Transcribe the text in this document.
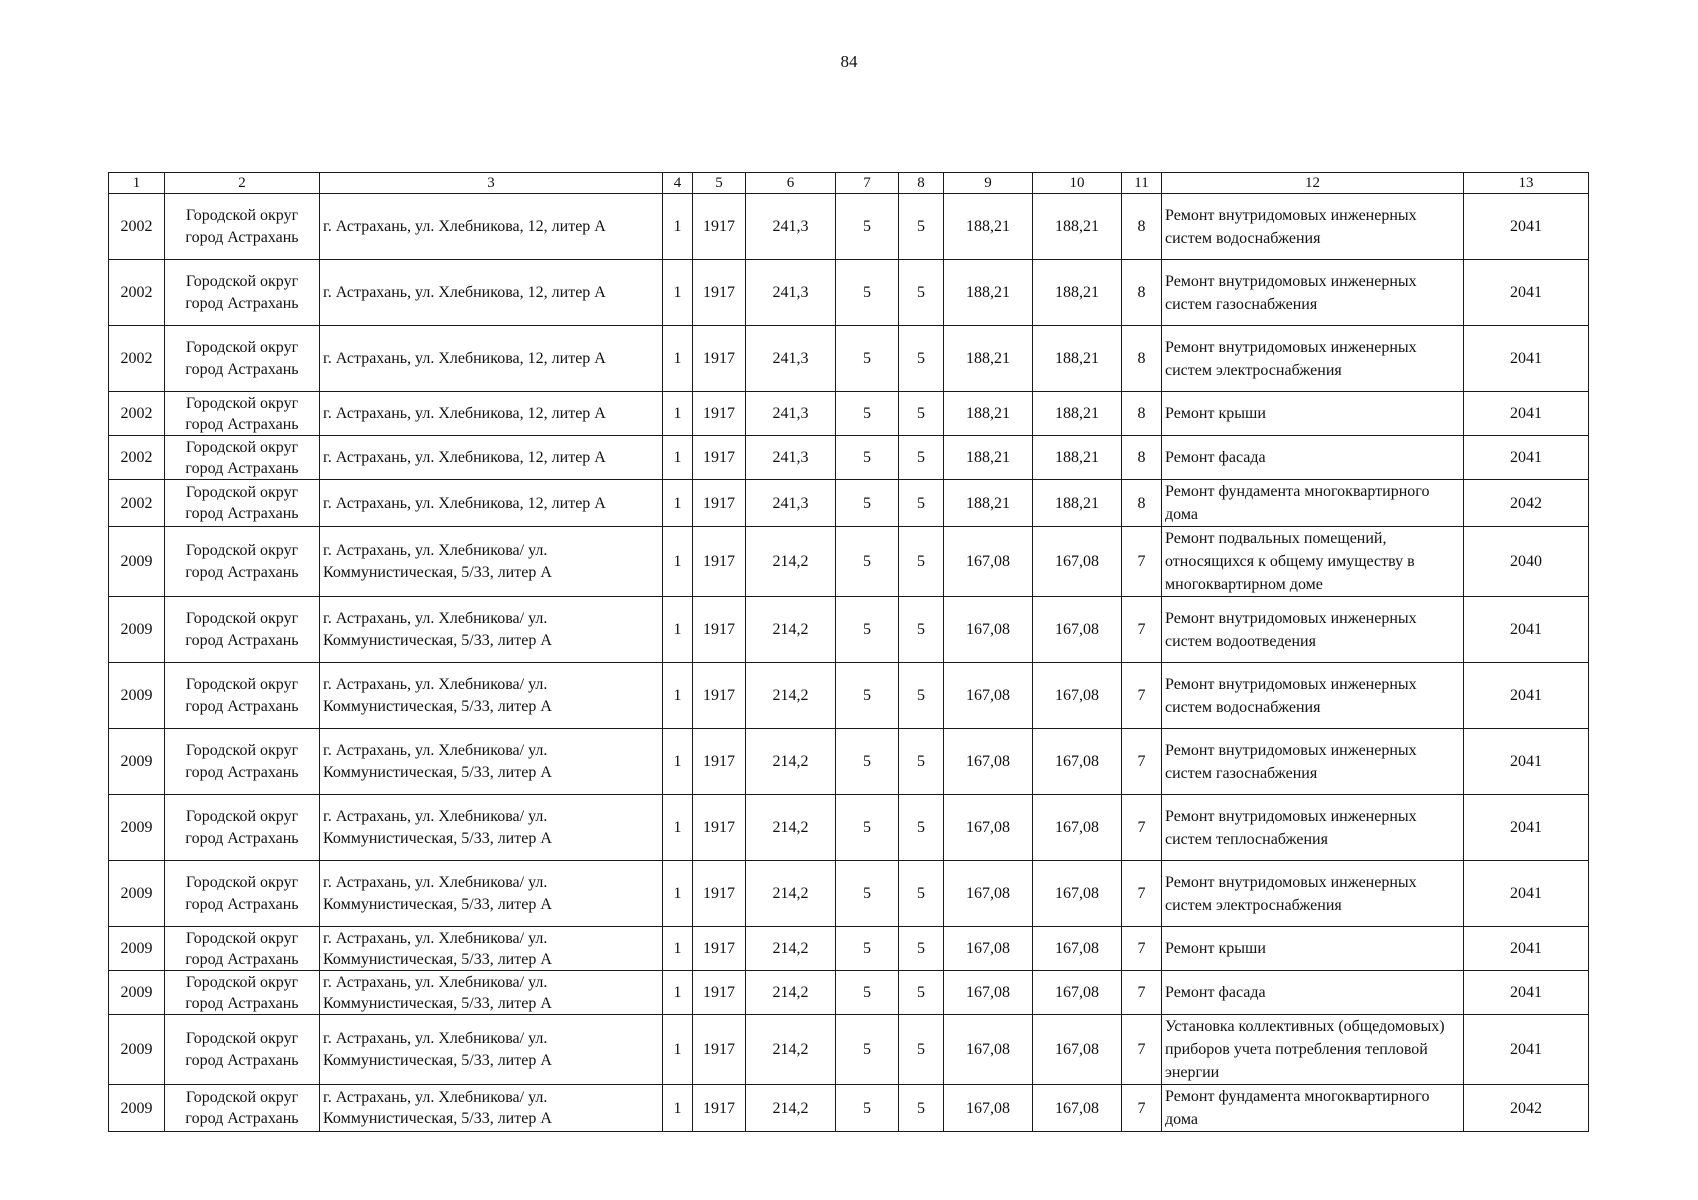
84
1	2	3	4	5	6	7	8	9	10	11	12	13
2002	Городской округ город Астрахань	г. Астрахань, ул. Хлебникова, 12, литер А	1	1917	241,3	5	5	188,21	188,21	8	Ремонт внутридомовых инженерных систем водоснабжения	2041
2002	Городской округ город Астрахань	г. Астрахань, ул. Хлебникова, 12, литер А	1	1917	241,3	5	5	188,21	188,21	8	Ремонт внутридомовых инженерных систем газоснабжения	2041
2002	Городской округ город Астрахань	г. Астрахань, ул. Хлебникова, 12, литер А	1	1917	241,3	5	5	188,21	188,21	8	Ремонт внутридомовых инженерных систем электроснабжения	2041
2002	Городской округ город Астрахань	г. Астрахань, ул. Хлебникова, 12, литер А	1	1917	241,3	5	5	188,21	188,21	8	Ремонт крыши	2041
2002	Городской округ город Астрахань	г. Астрахань, ул. Хлебникова, 12, литер А	1	1917	241,3	5	5	188,21	188,21	8	Ремонт фасада	2041
2002	Городской округ город Астрахань	г. Астрахань, ул. Хлебникова, 12, литер А	1	1917	241,3	5	5	188,21	188,21	8	Ремонт фундамента многоквартирного дома	2042
2009	Городской округ город Астрахань	г. Астрахань, ул. Хлебникова/ ул. Коммунистическая, 5/33, литер А	1	1917	214,2	5	5	167,08	167,08	7	Ремонт подвальных помещений, относящихся к общему имуществу в многоквартирном доме	2040
2009	Городской округ город Астрахань	г. Астрахань, ул. Хлебникова/ ул. Коммунистическая, 5/33, литер А	1	1917	214,2	5	5	167,08	167,08	7	Ремонт внутридомовых инженерных систем водоотведения	2041
2009	Городской округ город Астрахань	г. Астрахань, ул. Хлебникова/ ул. Коммунистическая, 5/33, литер А	1	1917	214,2	5	5	167,08	167,08	7	Ремонт внутридомовых инженерных систем водоснабжения	2041
2009	Городской округ город Астрахань	г. Астрахань, ул. Хлебникова/ ул. Коммунистическая, 5/33, литер А	1	1917	214,2	5	5	167,08	167,08	7	Ремонт внутридомовых инженерных систем газоснабжения	2041
2009	Городской округ город Астрахань	г. Астрахань, ул. Хлебникова/ ул. Коммунистическая, 5/33, литер А	1	1917	214,2	5	5	167,08	167,08	7	Ремонт внутридомовых инженерных систем теплоснабжения	2041
2009	Городской округ город Астрахань	г. Астрахань, ул. Хлебникова/ ул. Коммунистическая, 5/33, литер А	1	1917	214,2	5	5	167,08	167,08	7	Ремонт внутридомовых инженерных систем электроснабжения	2041
2009	Городской округ город Астрахань	г. Астрахань, ул. Хлебникова/ ул. Коммунистическая, 5/33, литер А	1	1917	214,2	5	5	167,08	167,08	7	Ремонт крыши	2041
2009	Городской округ город Астрахань	г. Астрахань, ул. Хлебникова/ ул. Коммунистическая, 5/33, литер А	1	1917	214,2	5	5	167,08	167,08	7	Ремонт фасада	2041
2009	Городской округ город Астрахань	г. Астрахань, ул. Хлебникова/ ул. Коммунистическая, 5/33, литер А	1	1917	214,2	5	5	167,08	167,08	7	Установка коллективных (общедомовых) приборов учета потребления тепловой энергии	2041
2009	Городской округ город Астрахань	г. Астрахань, ул. Хлебникова/ ул. Коммунистическая, 5/33, литер А	1	1917	214,2	5	5	167,08	167,08	7	Ремонт фундамента многоквартирного дома	2042
